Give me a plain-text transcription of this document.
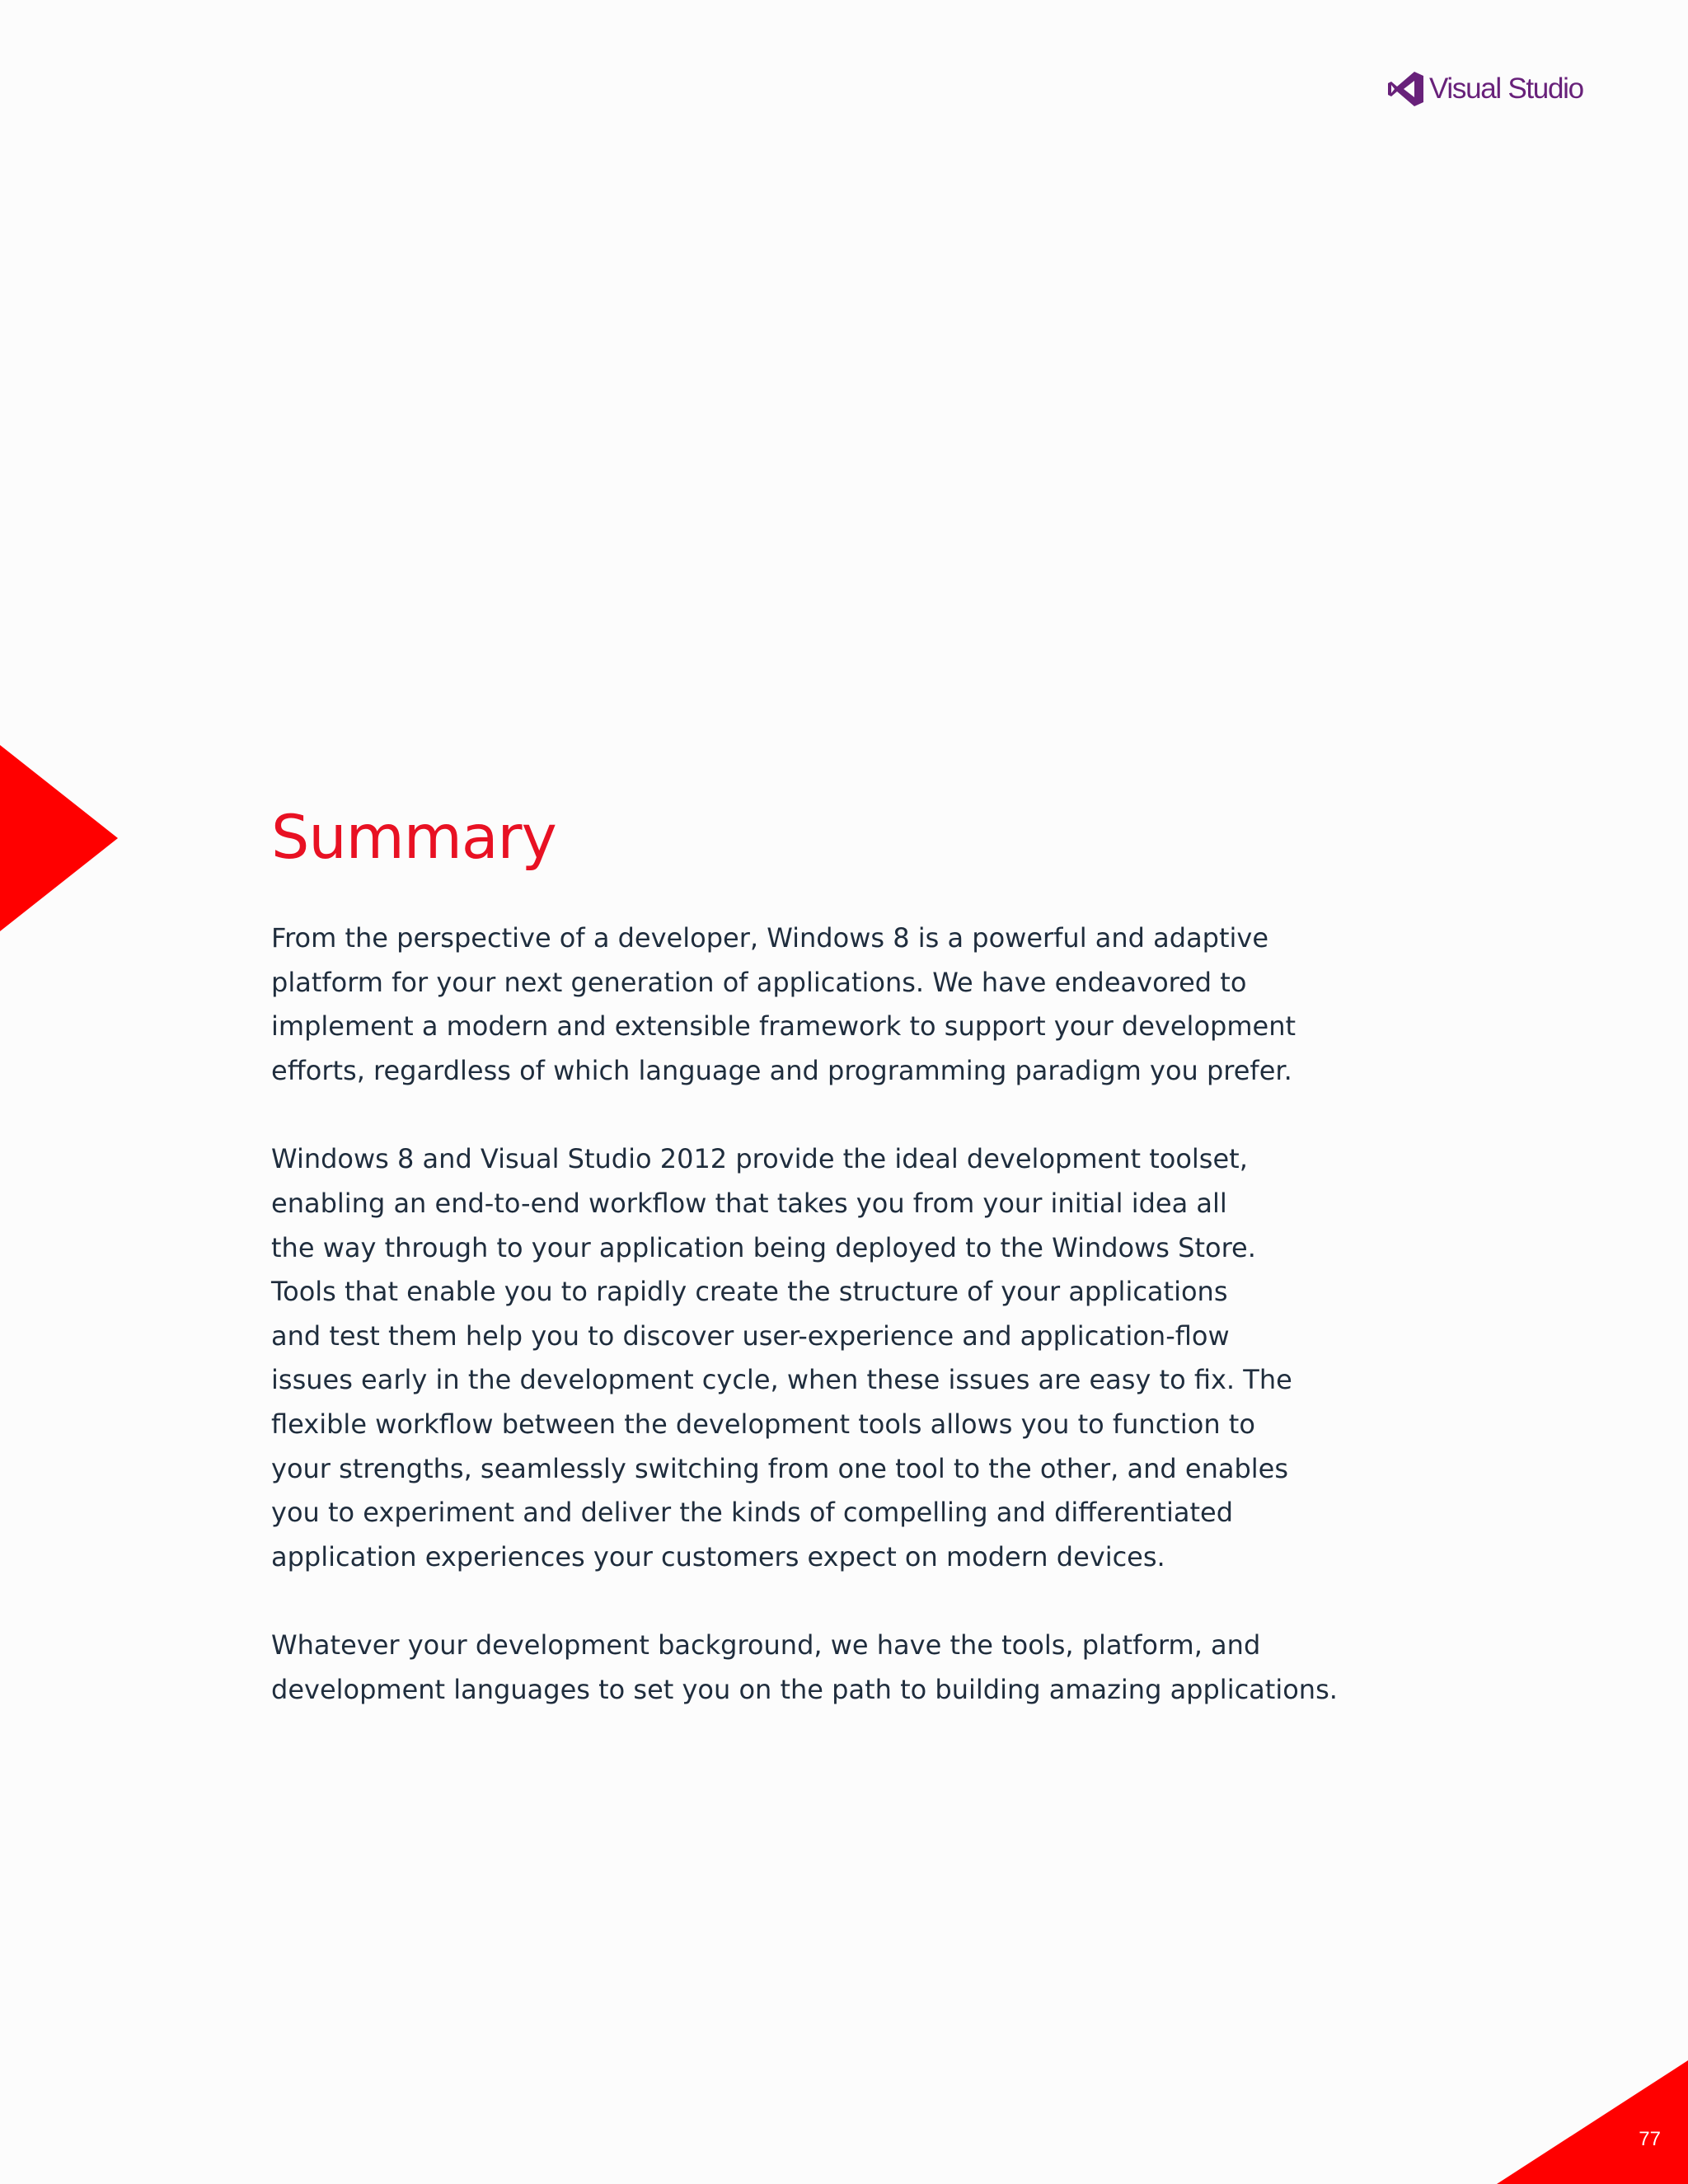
Visual Studio
Summary

From the perspective of a developer, Windows 8 is a powerful and adaptive
platform for your next generation of applications. We have endeavored to
implement a modern and extensible framework to support your development
efforts, regardless of which language and programming paradigm you prefer.

Windows 8 and Visual Studio 2012 provide the ideal development toolset,
enabling an end-to-end workflow that takes you from your initial idea all
the way through to your application being deployed to the Windows Store.
Tools that enable you to rapidly create the structure of your applications
and test them help you to discover user-experience and application-flow
issues early in the development cycle, when these issues are easy to fix. The
flexible workflow between the development tools allows you to function to
your strengths, seamlessly switching from one tool to the other, and enables
you to experiment and deliver the kinds of compelling and differentiated
application experiences your customers expect on modern devices.

Whatever your development background, we have the tools, platform, and
development languages to set you on the path to building amazing applications.

77
